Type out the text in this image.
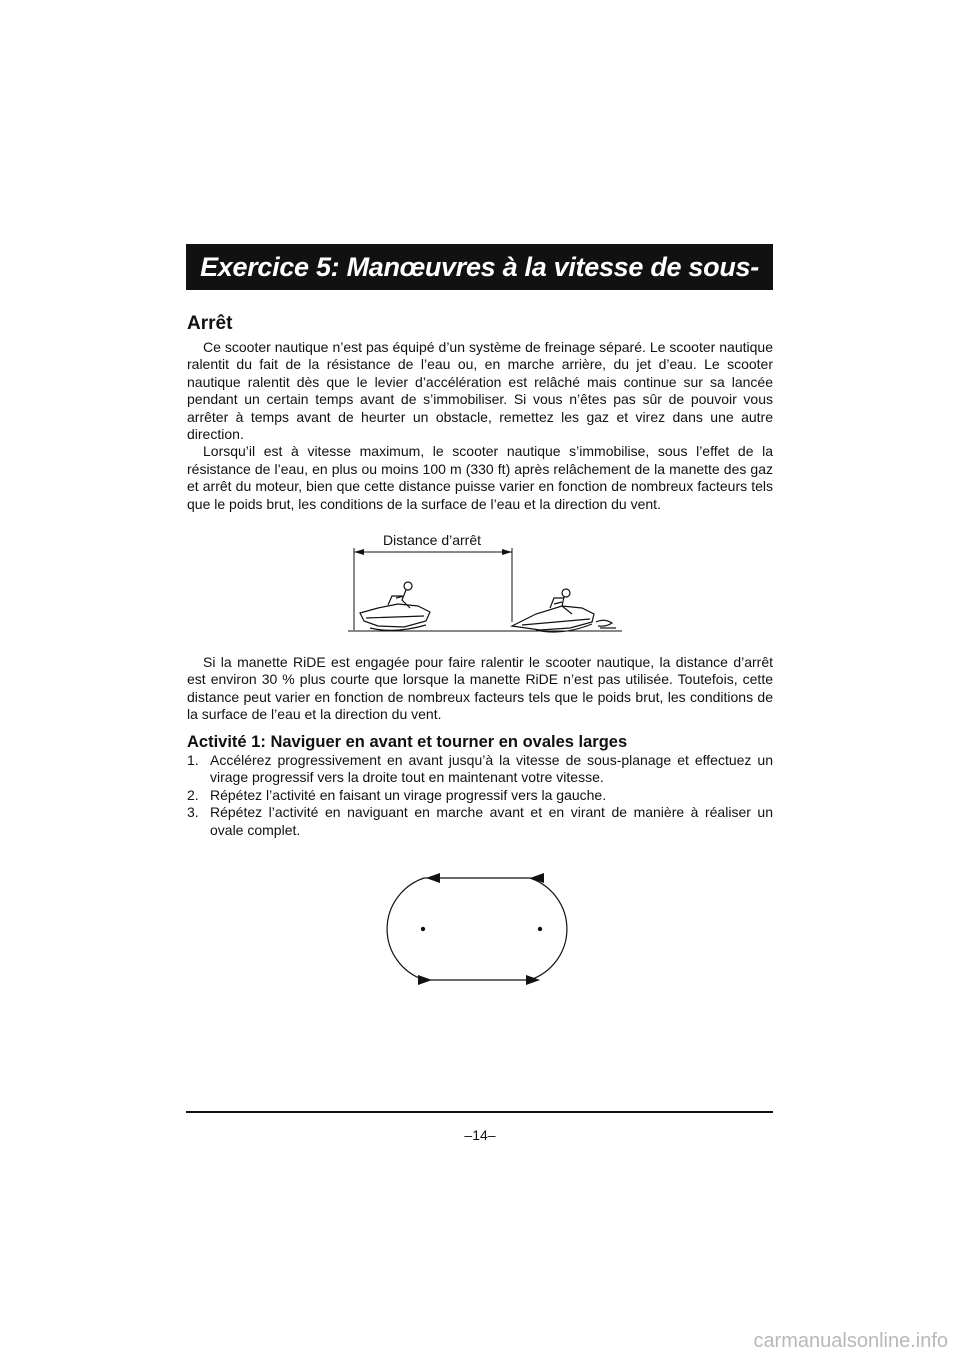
Exercice 5: Manœuvres à la vitesse de sous-planage
Arrêt

Ce scooter nautique n’est pas équipé d’un système de freinage séparé. Le scooter nautique ralentit du fait de la résistance de l’eau ou, en marche arrière, du jet d’eau. Le scooter nautique ralentit dès que le levier d’accélération est relâché mais continue sur sa lancée pendant un certain temps avant de s’immobiliser. Si vous n’êtes pas sûr de pouvoir vous arrêter à temps avant de heurter un obstacle, remettez les gaz et virez dans une autre direction.

Lorsqu’il est à vitesse maximum, le scooter nautique s’immobilise, sous l’effet de la résistance de l’eau, en plus ou moins 100 m (330 ft) après relâchement de la manette des gaz et arrêt du moteur, bien que cette distance puisse varier en fonction de nombreux facteurs tels que le poids brut, les conditions de la surface de l’eau et la direction du vent.

Distance d’arrêt

Si la manette RiDE est engagée pour faire ralentir le scooter nautique, la distance d’arrêt est environ 30 % plus courte que lorsque la manette RiDE n’est pas utilisée. Toutefois, cette distance peut varier en fonction de nombreux facteurs tels que le poids brut, les conditions de la surface de l’eau et la direction du vent.

Activité 1: Naviguer en avant et tourner en ovales larges
1. Accélérez progressivement en avant jusqu’à la vitesse de sous-planage et effectuez un virage progressif vers la droite tout en maintenant votre vitesse.
2. Répétez l’activité en faisant un virage progressif vers la gauche.
3. Répétez l’activité en naviguant en marche avant et en virant de manière à réaliser un ovale complet.
–14–
carmanualsonline.info
